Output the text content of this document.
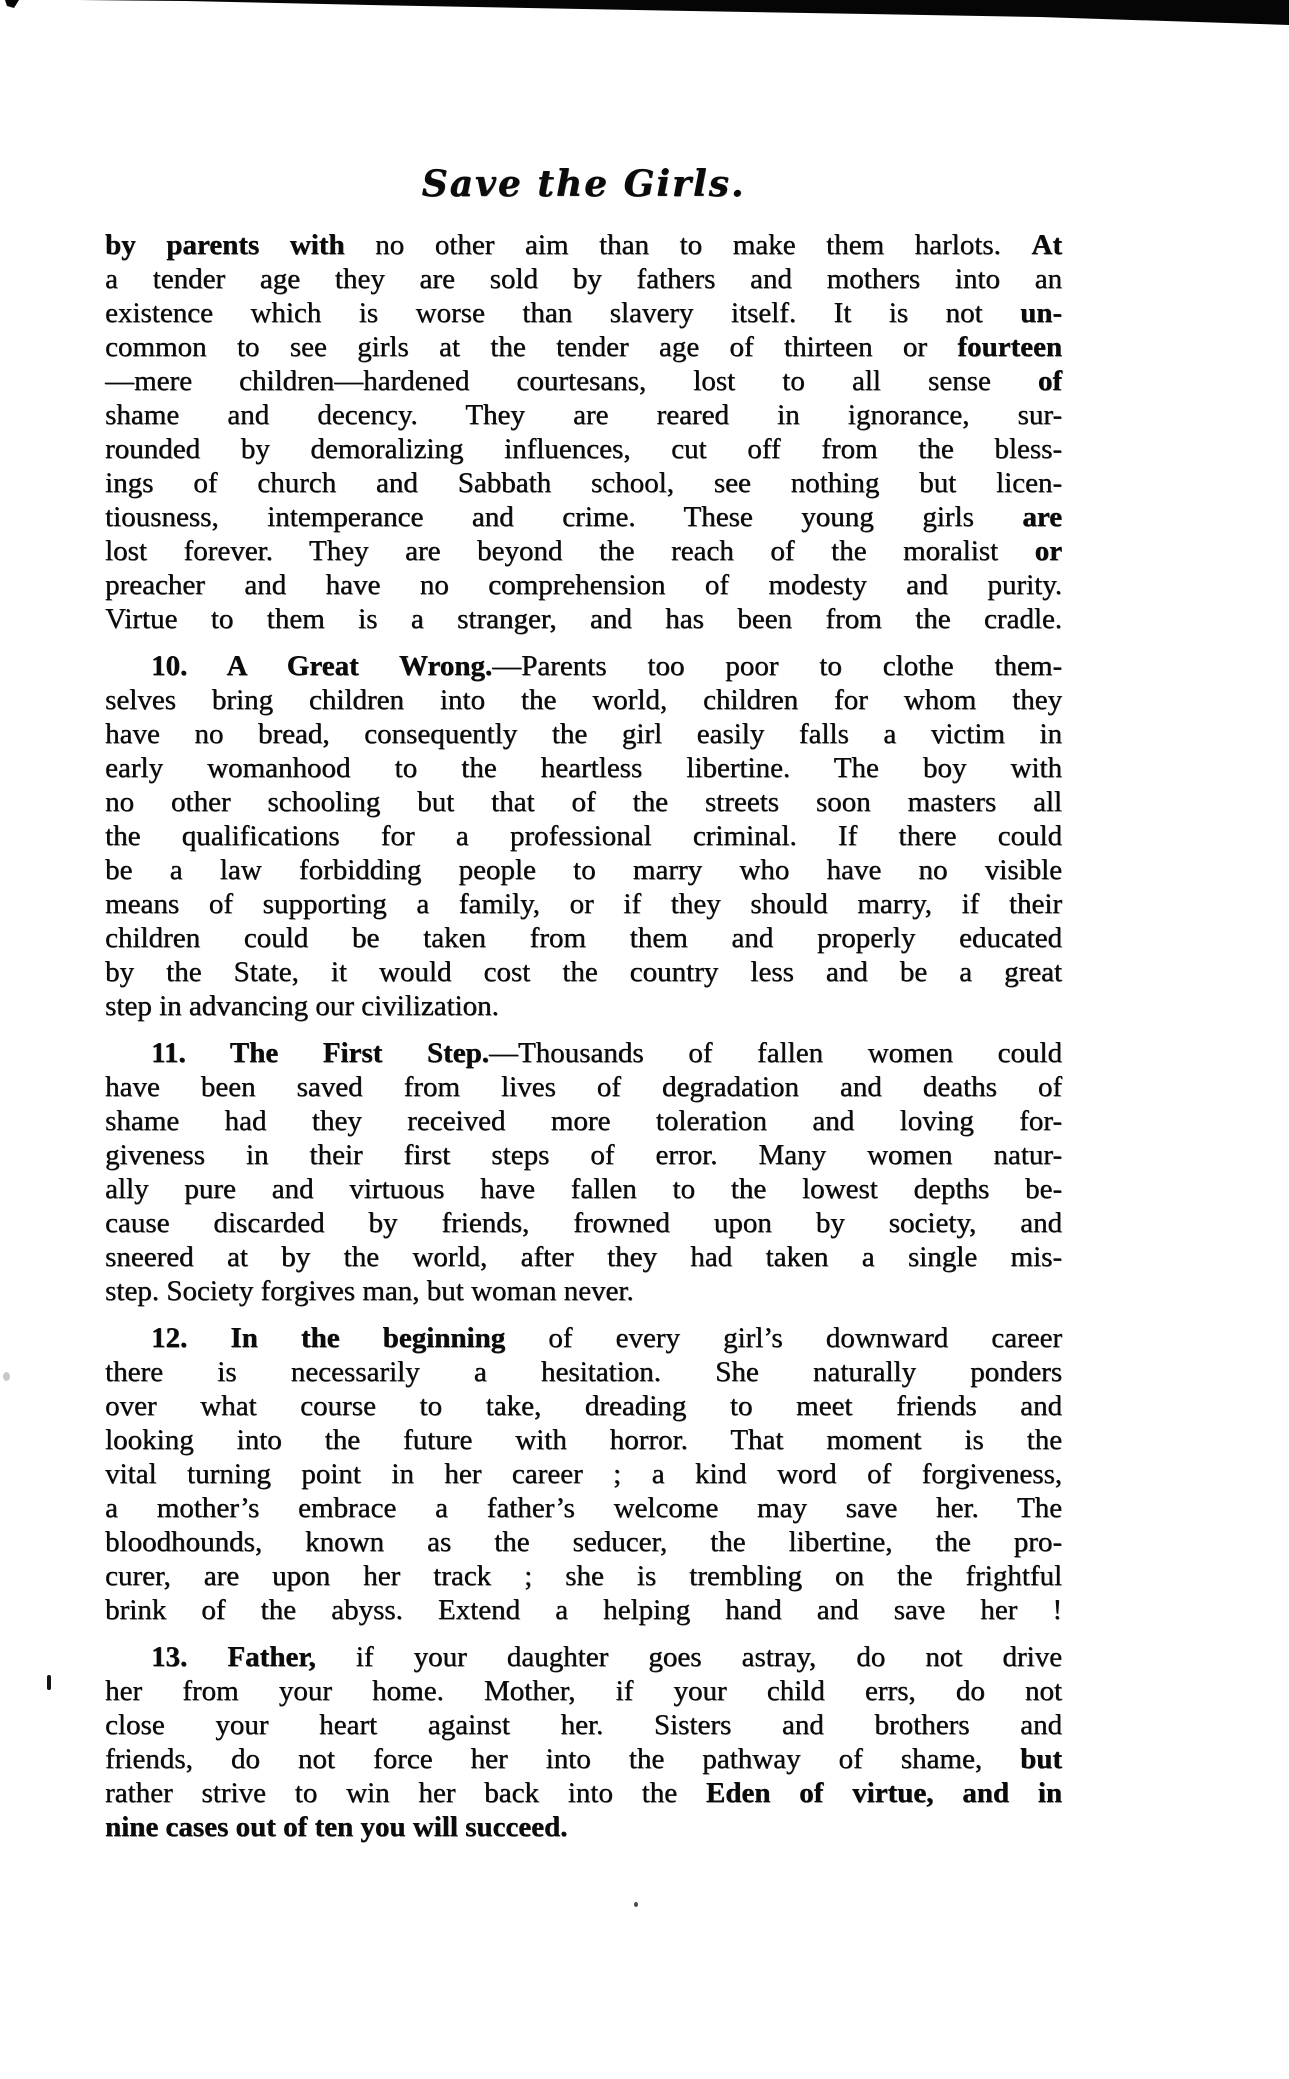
Save the Girls.
by parents with no other aim than to make them harlots. At
a tender age they are sold by fathers and mothers into an
existence which is worse than slavery itself. It is not un-
common to see girls at the tender age of thirteen or fourteen
—mere children—hardened courtesans, lost to all sense of
shame and decency. They are reared in ignorance, sur-
rounded by demoralizing influences, cut off from the bless-
ings of church and Sabbath school, see nothing but licen-
tiousness, intemperance and crime. These young girls are
lost forever. They are beyond the reach of the moralist or
preacher and have no comprehension of modesty and purity.
Virtue to them is a stranger, and has been from the cradle.
10. A Great Wrong.—Parents too poor to clothe them-
selves bring children into the world, children for whom they
have no bread, consequently the girl easily falls a victim in
early womanhood to the heartless libertine. The boy with
no other schooling but that of the streets soon masters all
the qualifications for a professional criminal. If there could
be a law forbidding people to marry who have no visible
means of supporting a family, or if they should marry, if their
children could be taken from them and properly educated
by the State, it would cost the country less and be a great
step in advancing our civilization.
11. The First Step.—Thousands of fallen women could
have been saved from lives of degradation and deaths of
shame had they received more toleration and loving for-
giveness in their first steps of error. Many women natur-
ally pure and virtuous have fallen to the lowest depths be-
cause discarded by friends, frowned upon by society, and
sneered at by the world, after they had taken a single mis-
step. Society forgives man, but woman never.
12. In the beginning of every girl’s downward career
there is necessarily a hesitation. She naturally ponders
over what course to take, dreading to meet friends and
looking into the future with horror. That moment is the
vital turning point in her career ; a kind word of forgiveness,
a mother’s embrace a father’s welcome may save her. The
bloodhounds, known as the seducer, the libertine, the pro-
curer, are upon her track ; she is trembling on the frightful
brink of the abyss. Extend a helping hand and save her !
13. Father, if your daughter goes astray, do not drive
her from your home. Mother, if your child errs, do not
close your heart against her. Sisters and brothers and
friends, do not force her into the pathway of shame, but
rather strive to win her back into the Eden of virtue, and in
nine cases out of ten you will succeed.
